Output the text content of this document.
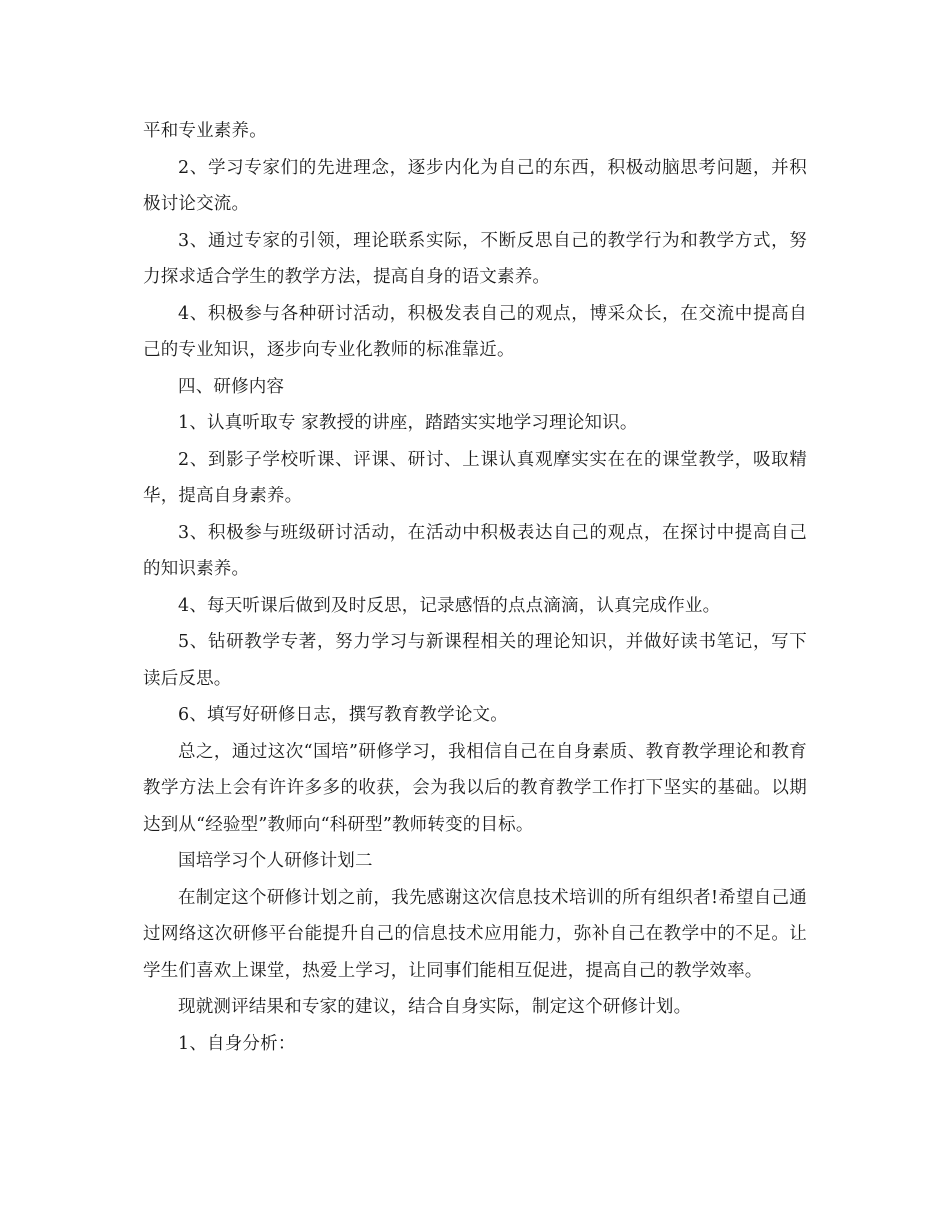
平和专业素养。

2、学习专家们的先进理念，逐步内化为自己的东西，积极动脑思考问题，并积极讨论交流。

3、通过专家的引领，理论联系实际，不断反思自己的教学行为和教学方式，努力探求适合学生的教学方法，提高自身的语文素养。

4、积极参与各种研讨活动，积极发表自己的观点，博采众长，在交流中提高自己的专业知识，逐步向专业化教师的标准靠近。

四、研修内容

1、认真听取专 家教授的讲座，踏踏实实地学习理论知识。

2、到影子学校听课、评课、研讨、上课认真观摩实实在在的课堂教学，吸取精华，提高自身素养。

3、积极参与班级研讨活动，在活动中积极表达自己的观点，在探讨中提高自己的知识素养。

4、每天听课后做到及时反思，记录感悟的点点滴滴，认真完成作业。

5、钻研教学专著，努力学习与新课程相关的理论知识，并做好读书笔记，写下读后反思。

6、填写好研修日志，撰写教育教学论文。

总之，通过这次“国培”研修学习，我相信自己在自身素质、教育教学理论和教育教学方法上会有许许多多的收获，会为我以后的教育教学工作打下坚实的基础。以期达到从“经验型”教师向“科研型”教师转变的目标。

国培学习个人研修计划二

在制定这个研修计划之前，我先感谢这次信息技术培训的所有组织者!希望自己通过网络这次研修平台能提升自己的信息技术应用能力，弥补自己在教学中的不足。让学生们喜欢上课堂，热爱上学习，让同事们能相互促进，提高自己的教学效率。

现就测评结果和专家的建议，结合自身实际，制定这个研修计划。

1、自身分析：
